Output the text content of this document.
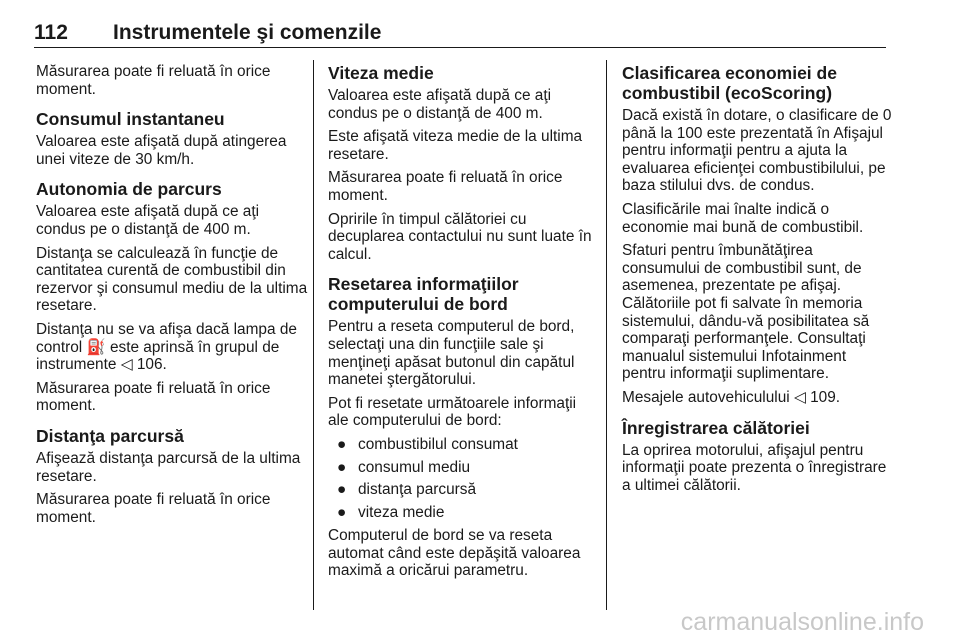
112 Instrumentele şi comenzile

Măsurarea poate fi reluată în orice moment.

Consumul instantaneu

Valoarea este afişată după atingerea unei viteze de 30 km/h.

Autonomia de parcurs

Valoarea este afişată după ce aţi condus pe o distanţă de 400 m.

Distanţa se calculează în funcţie de cantitatea curentă de combustibil din rezervor şi consumul mediu de la ultima resetare.

Distanţa nu se va afişa dacă lampa de control ⛽ este aprinsă în grupul de instrumente ◁ 106.

Măsurarea poate fi reluată în orice moment.

Distanţa parcursă

Afişează distanţa parcursă de la ultima resetare.

Măsurarea poate fi reluată în orice moment.

Viteza medie

Valoarea este afişată după ce aţi condus pe o distanţă de 400 m.

Este afişată viteza medie de la ultima resetare.

Măsurarea poate fi reluată în orice moment.

Opririle în timpul călătoriei cu decuplarea contactului nu sunt luate în calcul.

Resetarea informaţiilor computerului de bord

Pentru a reseta computerul de bord, selectaţi una din funcţiile sale şi menţineţi apăsat butonul din capătul manetei ştergătorului.

Pot fi resetate următoarele informaţii ale computerului de bord:

● combustibilul consumat
● consumul mediu
● distanţa parcursă
● viteza medie

Computerul de bord se va reseta automat când este depăşită valoarea maximă a oricărui parametru.

Clasificarea economiei de combustibil (ecoScoring)

Dacă există în dotare, o clasificare de 0 până la 100 este prezentată în Afişajul pentru informaţii pentru a ajuta la evaluarea eficienţei combustibilului, pe baza stilului dvs. de condus.

Clasificările mai înalte indică o economie mai bună de combustibil.

Sfaturi pentru îmbunătăţirea consumului de combustibil sunt, de asemenea, prezentate pe afişaj. Călătoriile pot fi salvate în memoria sistemului, dându-vă posibilitatea să comparaţi performanţele. Consultaţi manualul sistemului Infotainment pentru informaţii suplimentare.

Mesajele autovehiculului ◁ 109.

Înregistrarea călătoriei

La oprirea motorului, afişajul pentru informaţii poate prezenta o înregistrare a ultimei călătorii.

carmanualsonline.info
